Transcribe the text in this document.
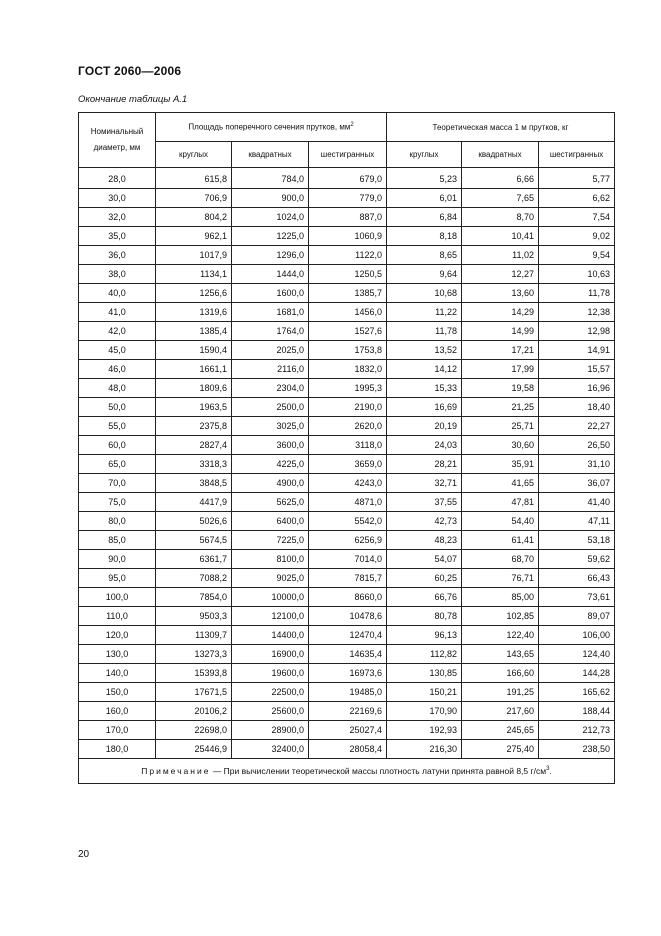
ГОСТ 2060—2006
Окончание таблицы А.1
Номинальный диаметр, мм	Площадь поперечного сечения прутков, $мм^2$			Теоретическая масса 1 м прутков, кг		
	круглых	квадратных	шестигранных	круглых	квадратных	шестигранных
28,0	615,8	784,0	679,0	5,23	6,66	5,77
30,0	706,9	900,0	779,0	6,01	7,65	6,62
32,0	804,2	1024,0	887,0	6,84	8,70	7,54
35,0	962,1	1225,0	1060,9	8,18	10,41	9,02
36,0	1017,9	1296,0	1122,0	8,65	11,02	9,54
38,0	1134,1	1444,0	1250,5	9,64	12,27	10,63
40,0	1256,6	1600,0	1385,7	10,68	13,60	11,78
41,0	1319,6	1681,0	1456,0	11,22	14,29	12,38
42,0	1385,4	1764,0	1527,6	11,78	14,99	12,98
45,0	1590,4	2025,0	1753,8	13,52	17,21	14,91
46,0	1661,1	2116,0	1832,0	14,12	17,99	15,57
48,0	1809,6	2304,0	1995,3	15,33	19,58	16,96
50,0	1963,5	2500,0	2190,0	16,69	21,25	18,40
55,0	2375,8	3025,0	2620,0	20,19	25,71	22,27
60,0	2827,4	3600,0	3118,0	24,03	30,60	26,50
65,0	3318,3	4225,0	3659,0	28,21	35,91	31,10
70,0	3848,5	4900,0	4243,0	32,71	41,65	36,07
75,0	4417,9	5625,0	4871,0	37,55	47,81	41,40
80,0	5026,6	6400,0	5542,0	42,73	54,40	47,11
85,0	5674,5	7225,0	6256,9	48,23	61,41	53,18
90,0	6361,7	8100,0	7014,0	54,07	68,70	59,62
95,0	7088,2	9025,0	7815,7	60,25	76,71	66,43
100,0	7854,0	10000,0	8660,0	66,76	85,00	73,61
110,0	9503,3	12100,0	10478,6	80,78	102,85	89,07
120,0	11309,7	14400,0	12470,4	96,13	122,40	106,00
130,0	13273,3	16900,0	14635,4	112,82	143,65	124,40
140,0	15393,8	19600,0	16973,6	130,85	166,60	144,28
150,0	17671,5	22500,0	19485,0	150,21	191,25	165,62
160,0	20106,2	25600,0	22169,6	170,90	217,60	188,44
170,0	22698,0	28900,0	25027,4	192,93	245,65	212,73
180,0	25446,9	32400,0	28058,4	216,30	275,40	238,50
Примечание — При вычислении теоретической массы плотность латуни принята равной 8,5 $г/см^3$.						
20
